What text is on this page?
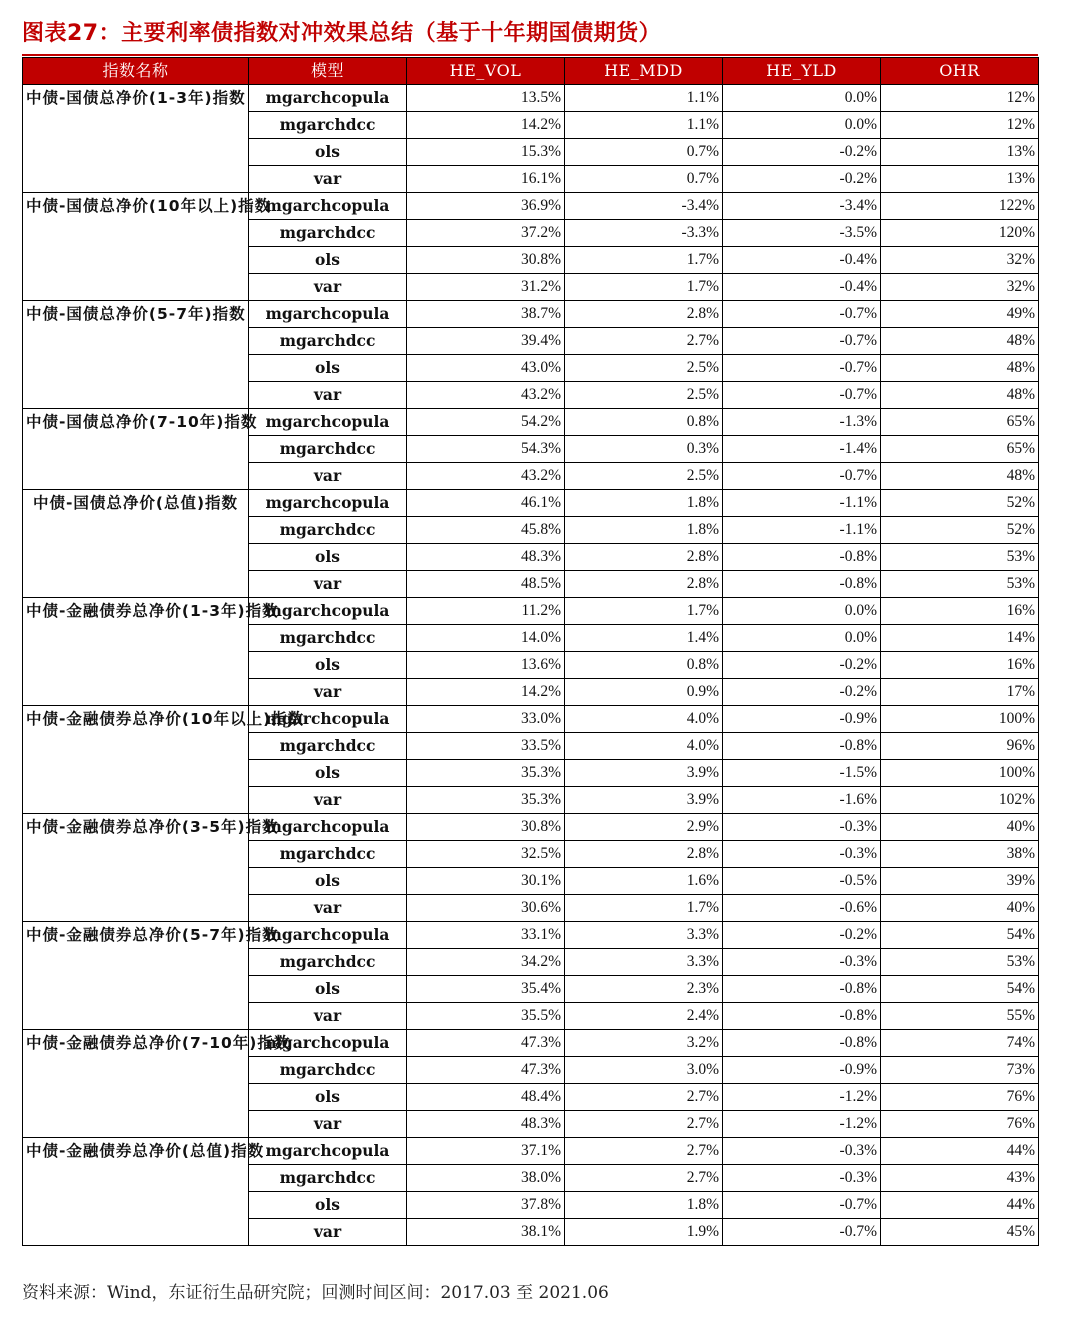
图表27：主要利率债指数对冲效果总结（基于十年期国债期货）
指数名称	模型	HE_VOL	HE_MDD	HE_YLD	OHR
中债-国债总净价(1-3年)指数	mgarchcopula	13.5%	1.1%	0.0%	12%
	mgarchdcc	14.2%	1.1%	0.0%	12%
	ols	15.3%	0.7%	-0.2%	13%
	var	16.1%	0.7%	-0.2%	13%
中债-国债总净价(10年以上)指数	mgarchcopula	36.9%	-3.4%	-3.4%	122%
	mgarchdcc	37.2%	-3.3%	-3.5%	120%
	ols	30.8%	1.7%	-0.4%	32%
	var	31.2%	1.7%	-0.4%	32%
中债-国债总净价(5-7年)指数	mgarchcopula	38.7%	2.8%	-0.7%	49%
	mgarchdcc	39.4%	2.7%	-0.7%	48%
	ols	43.0%	2.5%	-0.7%	48%
	var	43.2%	2.5%	-0.7%	48%
中债-国债总净价(7-10年)指数	mgarchcopula	54.2%	0.8%	-1.3%	65%
	mgarchdcc	54.3%	0.3%	-1.4%	65%
	var	43.2%	2.5%	-0.7%	48%
中债-国债总净价(总值)指数	mgarchcopula	46.1%	1.8%	-1.1%	52%
	mgarchdcc	45.8%	1.8%	-1.1%	52%
	ols	48.3%	2.8%	-0.8%	53%
	var	48.5%	2.8%	-0.8%	53%
中债-金融债券总净价(1-3年)指数	mgarchcopula	11.2%	1.7%	0.0%	16%
	mgarchdcc	14.0%	1.4%	0.0%	14%
	ols	13.6%	0.8%	-0.2%	16%
	var	14.2%	0.9%	-0.2%	17%
中债-金融债券总净价(10年以上)指数	mgarchcopula	33.0%	4.0%	-0.9%	100%
	mgarchdcc	33.5%	4.0%	-0.8%	96%
	ols	35.3%	3.9%	-1.5%	100%
	var	35.3%	3.9%	-1.6%	102%
中债-金融债券总净价(3-5年)指数	mgarchcopula	30.8%	2.9%	-0.3%	40%
	mgarchdcc	32.5%	2.8%	-0.3%	38%
	ols	30.1%	1.6%	-0.5%	39%
	var	30.6%	1.7%	-0.6%	40%
中债-金融债券总净价(5-7年)指数	mgarchcopula	33.1%	3.3%	-0.2%	54%
	mgarchdcc	34.2%	3.3%	-0.3%	53%
	ols	35.4%	2.3%	-0.8%	54%
	var	35.5%	2.4%	-0.8%	55%
中债-金融债券总净价(7-10年)指数	mgarchcopula	47.3%	3.2%	-0.8%	74%
	mgarchdcc	47.3%	3.0%	-0.9%	73%
	ols	48.4%	2.7%	-1.2%	76%
	var	48.3%	2.7%	-1.2%	76%
中债-金融债券总净价(总值)指数	mgarchcopula	37.1%	2.7%	-0.3%	44%
	mgarchdcc	38.0%	2.7%	-0.3%	43%
	ols	37.8%	1.8%	-0.7%	44%
	var	38.1%	1.9%	-0.7%	45%
资料来源：Wind，东证衍生品研究院；回测时间区间：2017.03 至 2021.06
